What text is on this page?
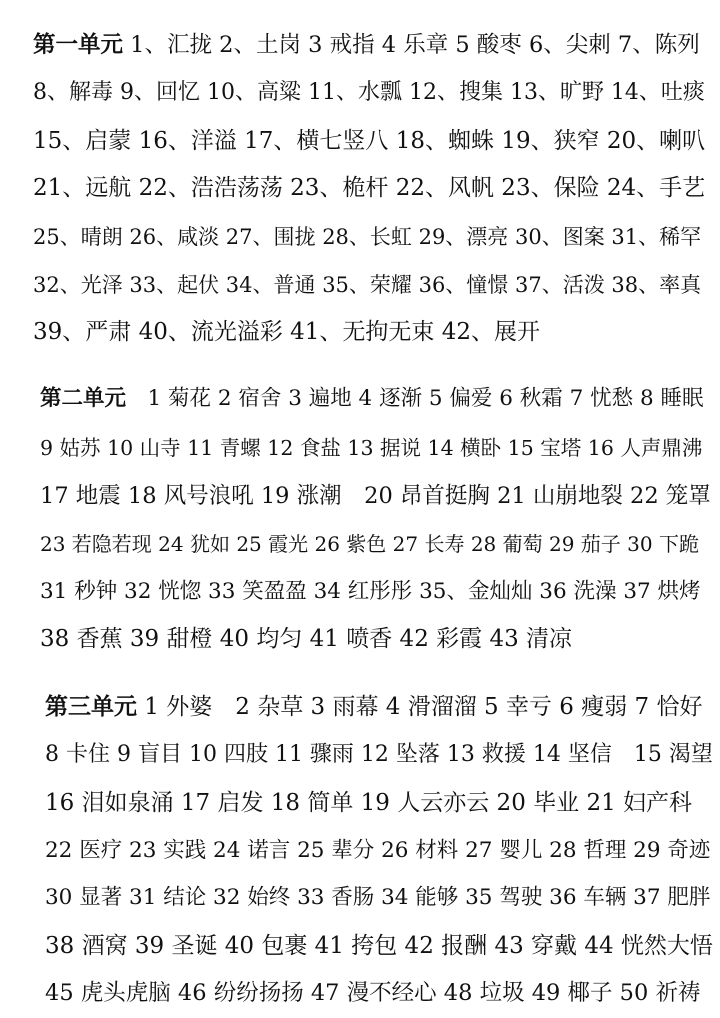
第一单元 1、汇拢 2、土岗 3 戒指 4 乐章 5 酸枣 6、尖刺 7、陈列
8、解毒 9、回忆 10、高粱 11、水瓢 12、搜集 13、旷野 14、吐痰
15、启蒙 16、洋溢 17、横七竖八 18、蜘蛛 19、狭窄 20、喇叭
21、远航 22、浩浩荡荡 23、桅杆 22、风帆 23、保险 24、手艺
25、晴朗 26、咸淡 27、围拢 28、长虹 29、漂亮 30、图案 31、稀罕
32、光泽 33、起伏 34、普通 35、荣耀 36、憧憬 37、活泼 38、率真
39、严肃 40、流光溢彩 41、无拘无束 42、展开
第二单元　1 菊花 2 宿舍 3 遍地 4 逐渐 5 偏爱 6 秋霜 7 忧愁 8 睡眠
9 姑苏 10 山寺 11 青螺 12 食盐 13 据说 14 横卧 15 宝塔 16 人声鼎沸
17 地震 18 风号浪吼 19 涨潮　20 昂首挺胸 21 山崩地裂 22 笼罩
23 若隐若现 24 犹如 25 霞光 26 紫色 27 长寿 28 葡萄 29 茄子 30 下跪
31 秒钟 32 恍惚 33 笑盈盈 34 红彤彤 35、金灿灿 36 洗澡 37 烘烤
38 香蕉 39 甜橙 40 均匀 41 喷香 42 彩霞 43 清凉
第三单元 1 外婆　2 杂草 3 雨幕 4 滑溜溜 5 幸亏 6 瘦弱 7 恰好
8 卡住 9 盲目 10 四肢 11 骤雨 12 坠落 13 救援 14 坚信　15 渴望
16 泪如泉涌 17 启发 18 简单 19 人云亦云 20 毕业 21 妇产科
22 医疗 23 实践 24 诺言 25 辈分 26 材料 27 婴儿 28 哲理 29 奇迹
30 显著 31 结论 32 始终 33 香肠 34 能够 35 驾驶 36 车辆 37 肥胖
38 酒窝 39 圣诞 40 包裹 41 挎包 42 报酬 43 穿戴 44 恍然大悟
45 虎头虎脑 46 纷纷扬扬 47 漫不经心 48 垃圾 49 椰子 50 祈祷
